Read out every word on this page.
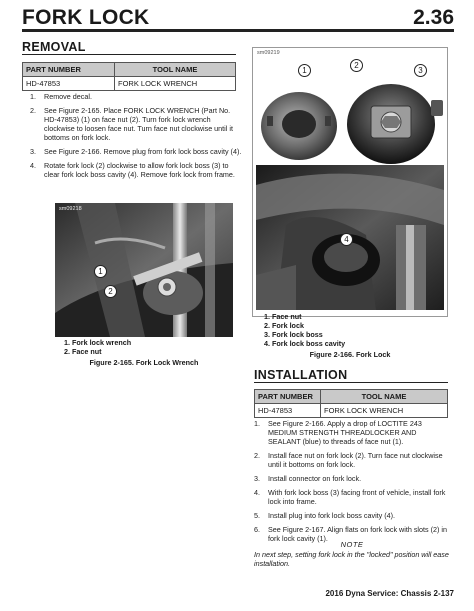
FORK LOCK	2.36
REMOVAL
PART NUMBER	TOOL NAME
HD-47853	FORK LOCK WRENCH
1. Remove decal.
2. See Figure 2-165. Place FORK LOCK WRENCH (Part No. HD-47853) (1) on face nut (2). Turn fork lock wrench clockwise to loosen face nut. Turn face nut clockwise until it bottoms on fork lock.
3. See Figure 2-166. Remove plug from fork lock boss cavity (4).
4. Rotate fork lock (2) clockwise to allow fork lock boss (3) to clear fork lock boss cavity (4). Remove fork lock from frame.
sm09218
1
2
1. Fork lock wrench
2. Face nut
Figure 2-165. Fork Lock Wrench
sm09219
1
2
3
4
1. Face nut
2. Fork lock
3. Fork lock boss
4. Fork lock boss cavity
Figure 2-166. Fork Lock
INSTALLATION
PART NUMBER	TOOL NAME
HD-47853	FORK LOCK WRENCH
1. See Figure 2-166. Apply a drop of LOCTITE 243 MEDIUM STRENGTH THREADLOCKER AND SEALANT (blue) to threads of face nut (1).
2. Install face nut on fork lock (2). Turn face nut clockwise until it bottoms on fork lock.
3. Install connector on fork lock.
4. With fork lock boss (3) facing front of vehicle, install fork lock into frame.
5. Install plug into fork lock boss cavity (4).
6. See Figure 2-167. Align flats on fork lock with slots (2) in fork lock cavity (1).
NOTE
In next step, setting fork lock in the "locked" position will ease installation.
2016 Dyna Service: Chassis 2-137
